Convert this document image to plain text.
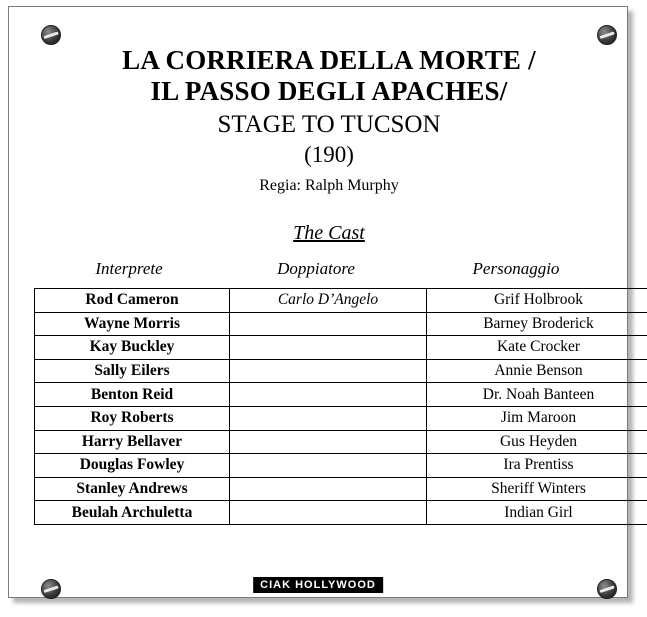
LA CORRIERA DELLA MORTE /
IL PASSO DEGLI APACHES/
STAGE TO TUCSON
(190)
Regia: Ralph Murphy
The Cast
Interprete	Doppiatore	Personaggio
Rod Cameron	Carlo D’Angelo	Grif Holbrook
Wayne Morris		Barney Broderick
Kay Buckley		Kate Crocker
Sally Eilers		Annie Benson
Benton Reid		Dr. Noah Banteen
Roy Roberts		Jim Maroon
Harry Bellaver		Gus Heyden
Douglas Fowley		Ira Prentiss
Stanley Andrews		Sheriff Winters
Beulah Archuletta		Indian Girl
CIAK HOLLYWOOD
